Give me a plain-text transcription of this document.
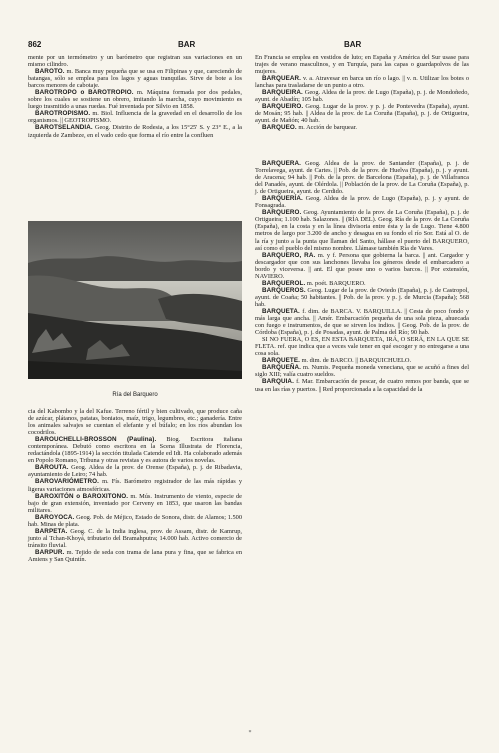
862	BAR	BAR

mente por un termómetro y un barómetro que registran sus variaciones en un mismo cilindro.

BAROTO. m. Banca muy pequeña que se usa en Filipinas y que, careciendo de batangas, sólo se emplea para los lagos y aguas tranquilas. Sirve de bote a los barcos menores de cabotaje.

BAROTROPO o BAROTROPIO. m. Máquina formada por dos pedales, sobre los cuales se sostiene un obrero, imitando la marcha, cuyo movimiento es luego trasmitido a unas ruedas. Fué inventada por Silvio en 1858.

BAROTROPISMO. m. Biol. Influencia de la gravedad en el desarrollo de los organismos. || GEOTROPISMO.

BAROTSELANDIA. Geog. Distrito de Rodesia, a los 15°25' S. y 23° E., a la izquierda de Zambeze, en el vado cedo que forma el río entre la confluen

Ría del Barquero

cia del Kabombo y la del Kafue. Terreno fértil y bien cultivado, que produce caña de azúcar, plátanos, patatas, boniatos, maíz, trigo, legumbres, etc.; ganadería. Entre los animales salvajes se cuentan el elefante y el búfalo; en los ríos abundan los cocodrilos.

BAROUCHELLI-BROSSON (Paulina). Biog. Escritora italiana contemporánea. Debutó como escritora en la Scena Illustrata de Florencia, redactándola (1895-1914) la sección titulada Catende ed Idi. Ha colaborado además en Popolo Romano, Tribuna y otras revistas y es autora de varios novelas.

BAROUTA. Geog. Aldea de la prov. de Orense (España), p. j. de Ribadavia, ayuntamiento de Leiro; 74 hab.

BAROVARIÓMETRO. m. Fís. Barómetro registrador de las más rápidas y ligeras variaciones atmosféricas.

BAROXITÓN o BAROXITONO. m. Mús. Instrumento de viento, especie de bajo de gran extensión, inventado por Cerveny en 1853, que usaron las bandas militares.

BAROYOCA. Geog. Pob. de Méjico, Estado de Sonora, distr. de Alamos; 1.500 hab. Minas de plata.

BARPETA. Geog. C. de la India inglesa, prov. de Assam, distr. de Kamrup, junto al Tchan-Khoyá, tributario del Bramahputra; 14.000 hab. Activo comercio de tránsito fluvial.

BARPUR. m. Tejido de seda con trama de lana pura y fina, que se fabrica en Amiens y San Quintín.

En Francia se emplea en vestidos de luto; en España y América del Sur usase para trajes de verano masculinos, y en Turquía, para las capas o guardapolvos de las mujeres.

BARQUEAR. v. a. Atravesar en barca un río o lago. || v. n. Utilizar los botes o lanchas para trasladarse de un punto a otro.

BARQUEIRA. Geog. Aldea de la prov. de Lugo (España), p. j. de Mondoñedo, ayunt. de Abadín; 105 hab.

BARQUEIRO. Geog. Lugar de la prov. y p. j. de Pontevedra (España), ayunt. de Mosán; 95 hab. || Aldea de la prov. de La Coruña (España), p. j. de Ortigueira, ayunt. de Mañón; 40 hab.

BARQUEO. m. Acción de barquear.

BARQUERA. Geog. Aldea de la prov. de Santander (España), p. j. de Torrelavega, ayunt. de Cartes. || Pob. de la prov. de Huelva (España), p. j. y ayunt. de Aracena; 94 hab. || Pob. de la prov. de Barcelona (España), p. j. de Villafranca del Panadés, ayunt. de Olérdola. || Población de la prov. de La Coruña (España), p. j. de Ortigueira, ayunt. de Cerdido.

BARQUERÍA. Geog. Aldea de la prov. de Lugo (España), p. j. y ayunt. de Fonsagrada.

BARQUERO. Geog. Ayuntamiento de la prov. de La Coruña (España), p. j. de Ortigueira; 1.100 hab. Salazones. || (RÍA DEL). Geog. Ría de la prov. de La Coruña (España), en la costa y en la línea divisoria entre ésta y la de Lugo. Tiene 4.800 metros de largo por 3.200 de ancho y desagua en su fondo el río Sor. Está al O. de la ría y junto a la punta que llaman del Santo, hállase el puerto del BARQUERO, así como el pueblo del mismo nombre. Llámase también Ría de Vares.

BARQUERO, RA. m. y f. Persona que gobierna la barca. || ant. Cargador y descargador que con sus lanchones llevaba los géneros desde el embarcadero a bordo y viceversa. || ant. El que posee uno o varios barcos. || Por extensión, NAVIERO.

BARQUEROL. m. poét. BARQUERO.

BARQUEROS. Geog. Lugar de la prov. de Oviedo (España), p. j. de Castropol, ayunt. de Coaña; 50 habitantes. || Pob. de la prov. y p. j. de Murcia (España); 568 hab.

BARQUETA. f. dim. de BARCA. V. BARQUILLA. || Cesta de poco fondo y más larga que ancha. || Amér. Embarcación pequeña de una sola pieza, ahuecada con fuego e instrumentos, de que se sirven los indios. || Geog. Pob. de la prov. de Córdoba (España), p. j. de Posadas, ayunt. de Palma del Río; 90 hab.

SI NO FUERA, O ES, EN ESTA BARQUETA, IRÁ, O SERÁ, EN LA QUE SE FLETA. ref. que indica que a veces vale tener en qué escoger y no entregarse a una cosa sola.

BARQUETE. m. dim. de BARCO. || BARQUICHUELO.

BARQUEÑA. m. Numis. Pequeña moneda veneciana, que se acuñó a fines del siglo XIII; valía cuatro sueldos.

BARQUIA. f. Mar. Embarcación de pescar, de cuatro remos por banda, que se usa en las rías y puertos. || Red proporcionada a la capacidad de la

*
